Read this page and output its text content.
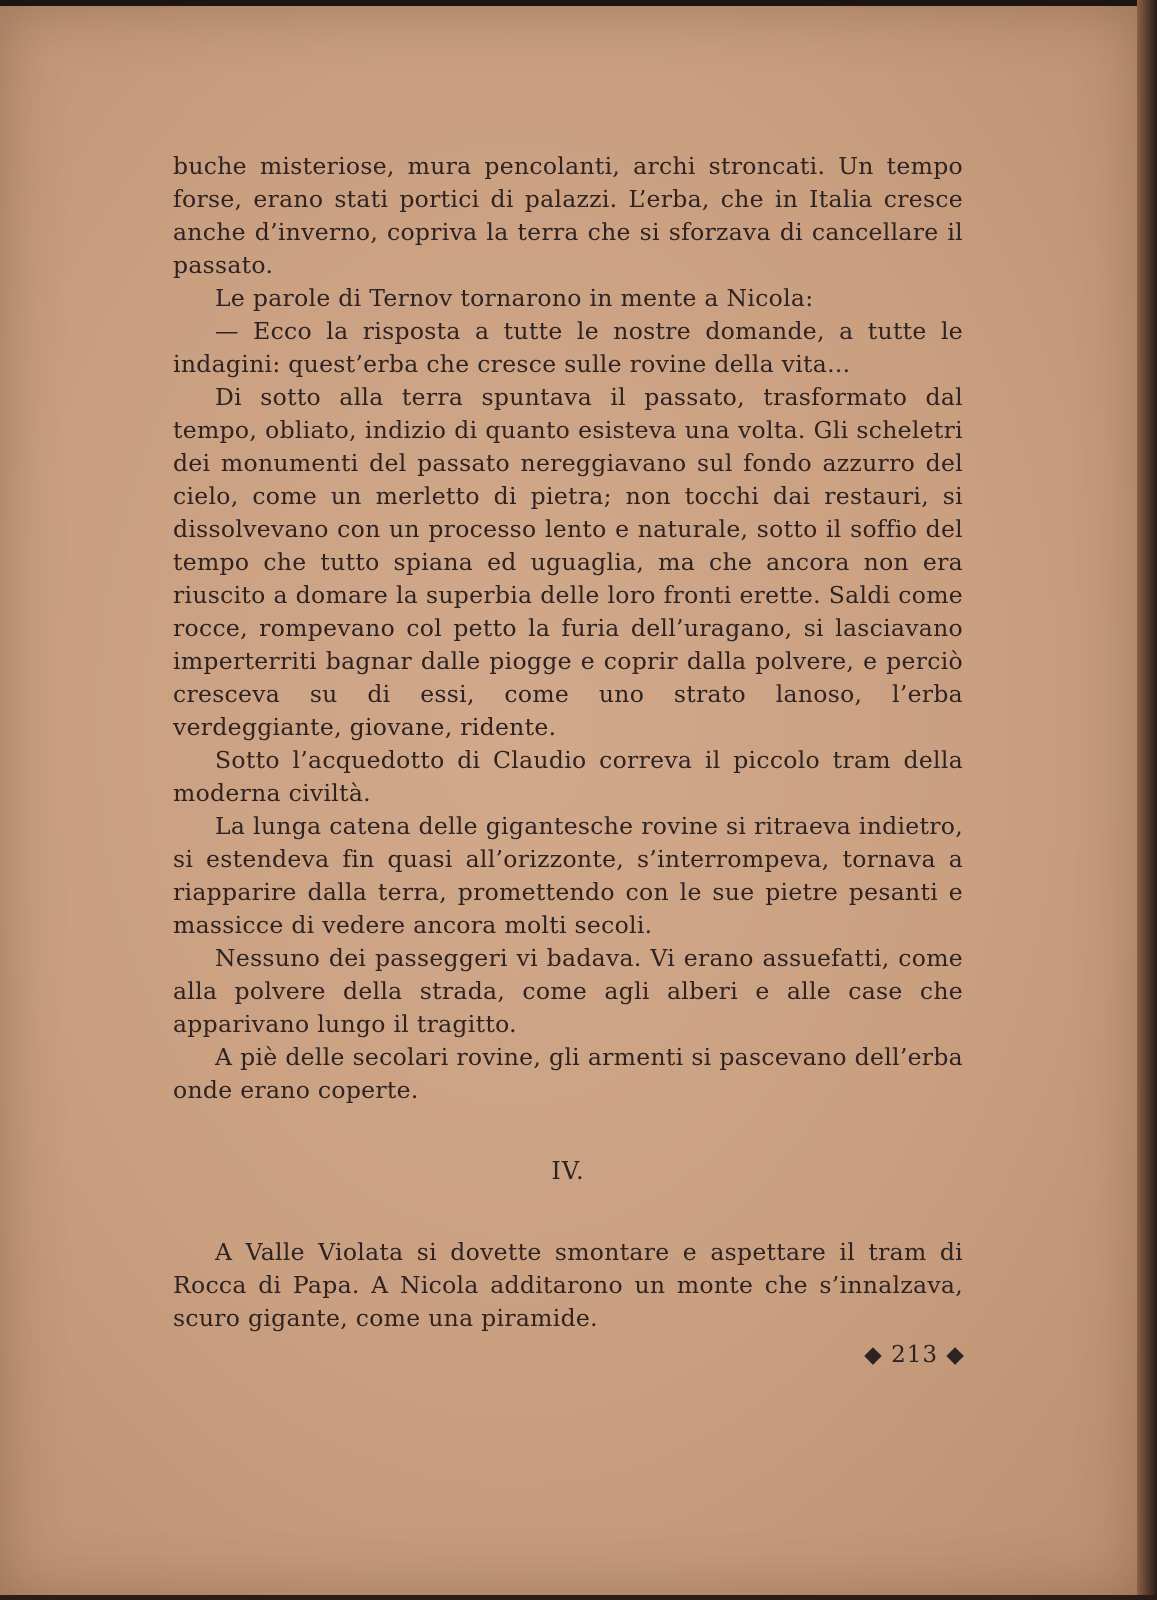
buche misteriose, mura pencolanti, archi stroncati. Un tempo forse, erano stati portici di palazzi. L’erba, che in Italia cresce anche d’inverno, copriva la terra che si sforzava di cancellare il passato.

Le parole di Ternov tornarono in mente a Nicola:

— Ecco la risposta a tutte le nostre domande, a tutte le indagini: quest’erba che cresce sulle rovine della vita...

Di sotto alla terra spuntava il passato, trasformato dal tempo, obliato, indizio di quanto esisteva una volta. Gli scheletri dei monumenti del passato nereggiavano sul fondo azzurro del cielo, come un merletto di pietra; non tocchi dai restauri, si dissolvevano con un processo lento e naturale, sotto il soffio del tempo che tutto spiana ed uguaglia, ma che ancora non era riuscito a domare la superbia delle loro fronti erette. Saldi come rocce, rompevano col petto la furia dell’uragano, si lasciavano imperterriti bagnar dalle piogge e coprir dalla polvere, e perciò cresceva su di essi, come uno strato lanoso, l’erba verdeggiante, giovane, ridente.

Sotto l’acquedotto di Claudio correva il piccolo tram della moderna civiltà.

La lunga catena delle gigantesche rovine si ritraeva indietro, si estendeva fin quasi all’orizzonte, s’interrompeva, tornava a riapparire dalla terra, promettendo con le sue pietre pesanti e massicce di vedere ancora molti secoli.

Nessuno dei passeggeri vi badava. Vi erano assuefatti, come alla polvere della strada, come agli alberi e alle case che apparivano lungo il tragitto.

A piè delle secolari rovine, gli armenti si pascevano dell’erba onde erano coperte.

IV.

A Valle Violata si dovette smontare e aspettare il tram di Rocca di Papa. A Nicola additarono un monte che s’innalzava, scuro gigante, come una piramide.

◆ 213 ◆
